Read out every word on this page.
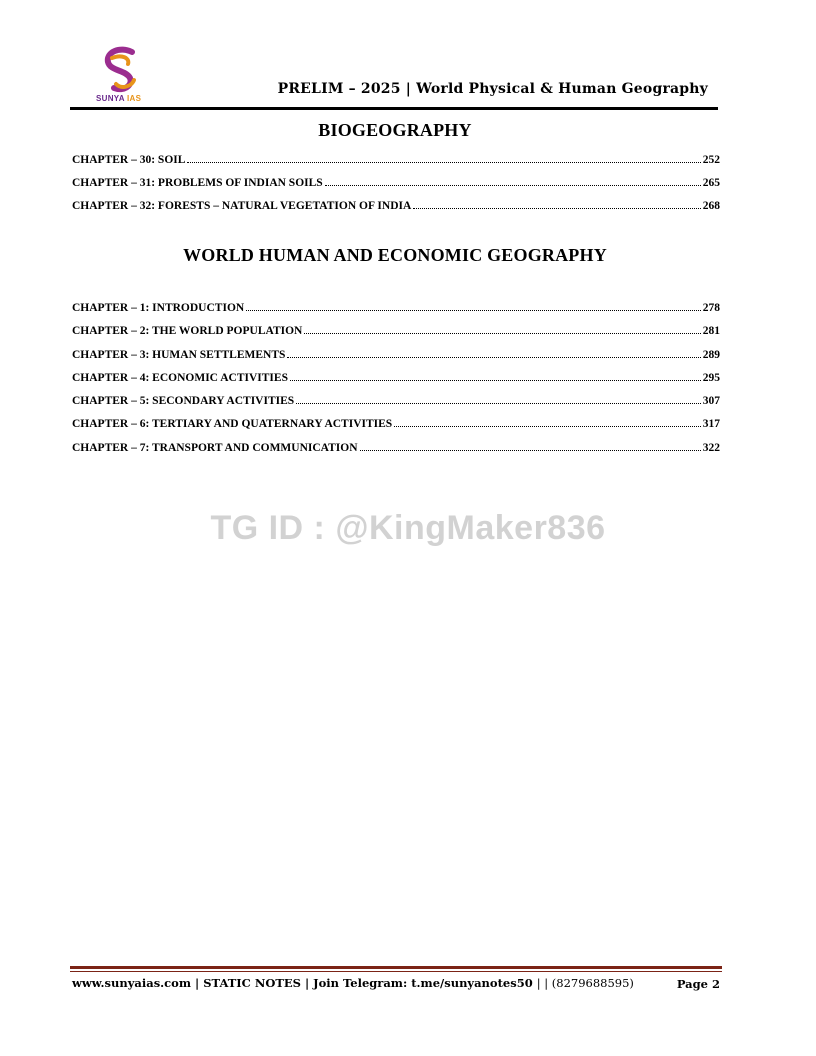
SUNYA IAS
PRELIM – 2025 | World Physical & Human Geography
BIOGEOGRAPHY
CHAPTER – 30: SOIL	252
CHAPTER – 31: PROBLEMS OF INDIAN SOILS	265
CHAPTER – 32: FORESTS – NATURAL VEGETATION OF INDIA	268
WORLD HUMAN AND ECONOMIC GEOGRAPHY
CHAPTER – 1: INTRODUCTION	278
CHAPTER – 2: THE WORLD POPULATION	281
CHAPTER – 3: HUMAN SETTLEMENTS	289
CHAPTER – 4: ECONOMIC ACTIVITIES	295
CHAPTER – 5: SECONDARY ACTIVITIES	307
CHAPTER – 6: TERTIARY AND QUATERNARY ACTIVITIES	317
CHAPTER – 7: TRANSPORT AND COMMUNICATION	322
TG ID : @KingMaker836
www.sunyaias.com | STATIC NOTES | Join Telegram: t.me/sunyanotes50 | | (8279688595)	Page 2
